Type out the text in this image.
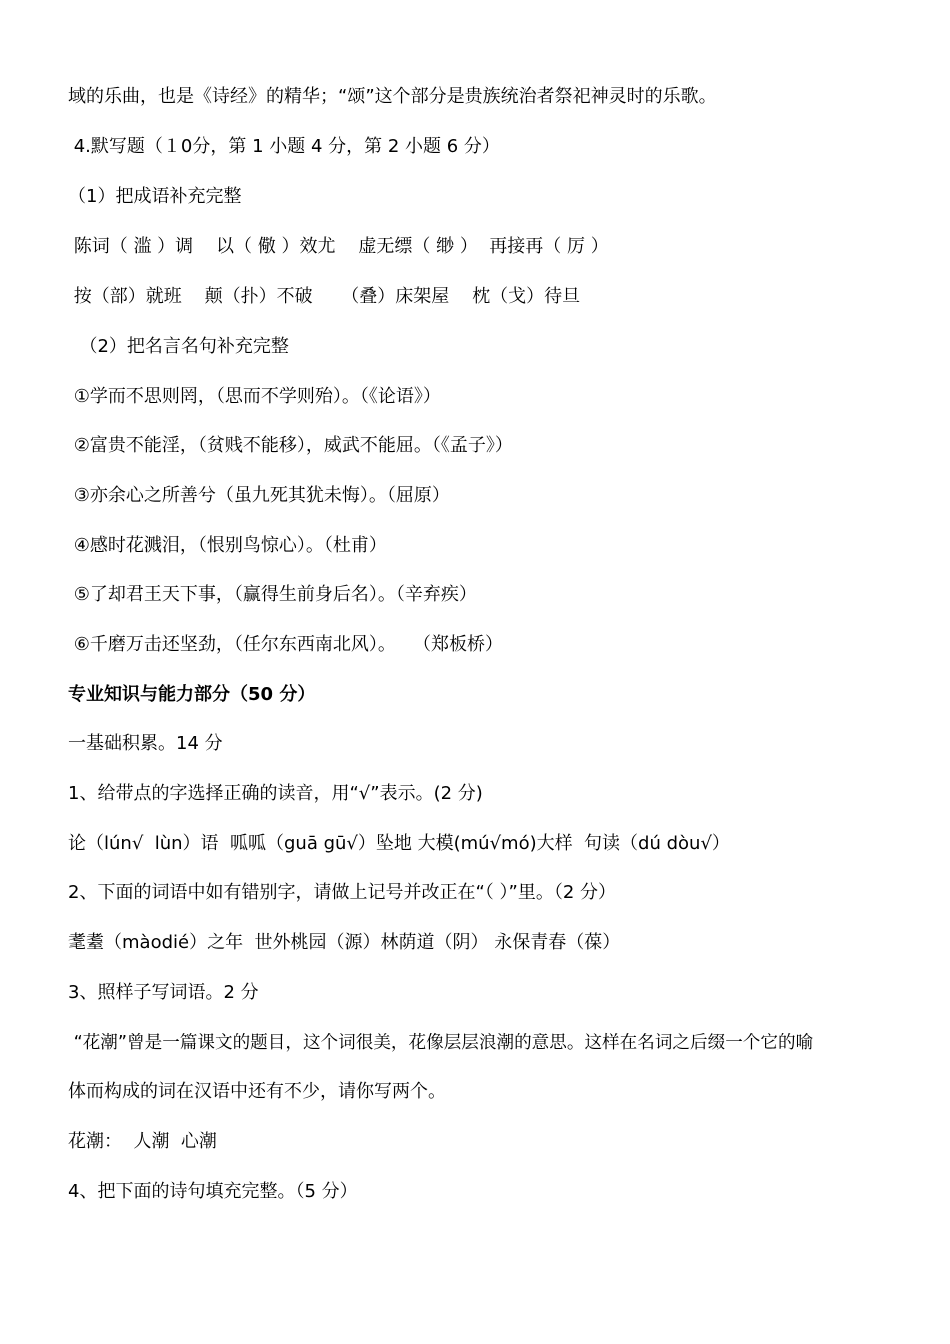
域的乐曲，也是《诗经》的精华；“颂”这个部分是贵族统治者祭祀神灵时的乐歌。
4.默写题（１0分，第 1 小题 4 分，第 2 小题 6 分）
（1）把成语补充完整
陈词（ 滥 ）调    以（ 儆 ）效尤    虚无缥（ 缈 ）  再接再（ 厉 ）
按（部）就班    颠（扑）不破     （叠）床架屋    枕（戈）待旦
（2）把名言名句补充完整
①学而不思则罔，（思而不学则殆）。（《论语》）
②富贵不能淫，（贫贱不能移），威武不能屈。（《孟子》）
③亦余心之所善兮（虽九死其犹未悔）。（屈原）
④感时花溅泪，（恨别鸟惊心）。（杜甫）
⑤了却君王天下事，（赢得生前身后名）。（辛弃疾）
⑥千磨万击还坚劲，（任尔东西南北风）。   （郑板桥）
专业知识与能力部分（50 分）
一基础积累。14 分
1、给带点的字选择正确的读音，用“√”表示。(2 分)
论（lún√  lùn）语  呱呱（guā gū√）坠地 大模(mú√mó)大样  句读（dú dòu√）
2、下面的词语中如有错别字，请做上记号并改正在“（ ）”里。（2 分）
耄耋（màodié）之年  世外桃园（源）林荫道（阴） 永保青春（葆）
3、照样子写词语。2 分
“花潮”曾是一篇课文的题目，这个词很美，花像层层浪潮的意思。这样在名词之后缀一个它的喻
体而构成的词在汉语中还有不少，请你写两个。
花潮：  人潮  心潮
4、把下面的诗句填充完整。（5 分）
